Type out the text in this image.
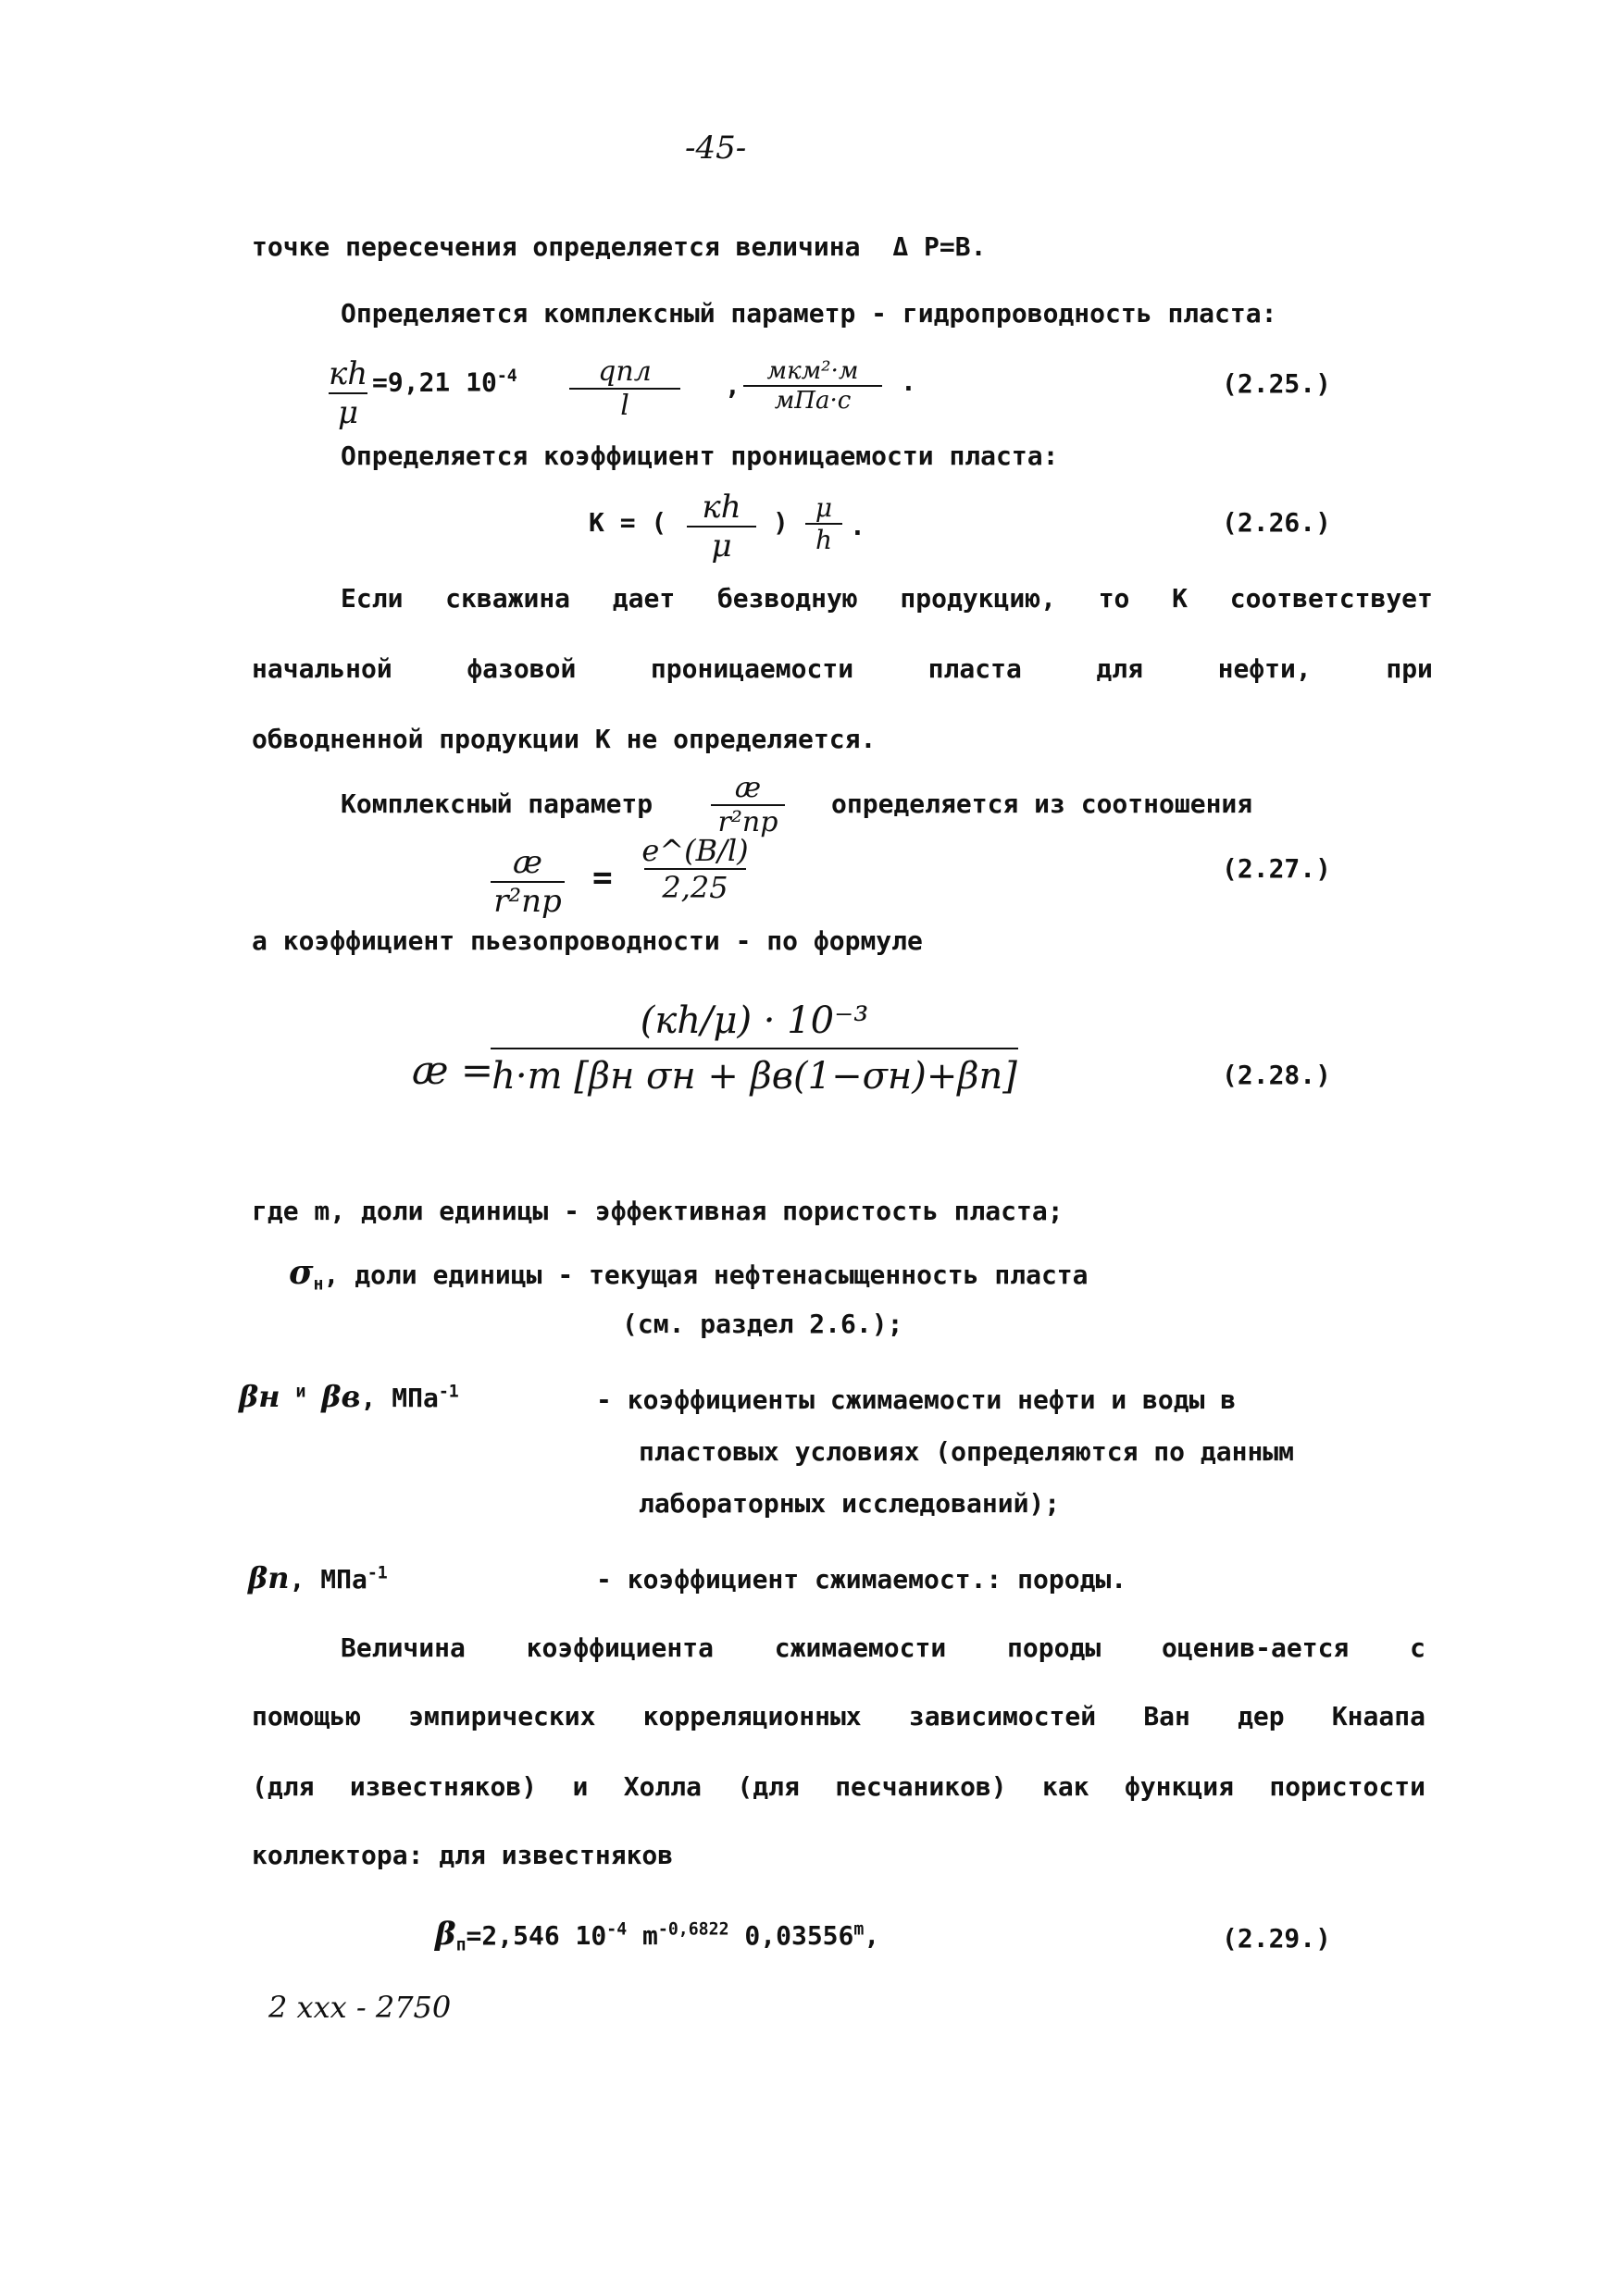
-45-
точке пересечения определяется величина Δ P=B.
Определяется комплексный параметр - гидропроводность пласта:
кh
μ
=9,21 $10^{-4}$	qпл
l
, мкм²·м
мПа·с
.	(2.25.)
Определяется коэффициент проницаемости пласта:
К = ( кh
μ
) μ
h .	(2.26.)
Если скважина дает безводную продукцию, то К соответствует
начальной	фазовой	проницаемости	пласта	для	нефти,	при
обводненной продукции К не определяется.
Комплексный параметр	æ
r²пр
определяется из соотношения
æ
r²пр
=
e^(B/l)
2,25
(2.27.)
а коэффициент пьезопроводности - по формуле
æ =
(кh/μ) · 10⁻³
h·m [βн σн + βв(1−σн)+βп]	(2.28.)
где m, доли единицы - эффективная пористость пласта;
$\sigma_н$, доли единицы - текущая нефтенасыщенность пласта
(см. раздел 2.6.);
βн $^и$ βв, МПа$^{-1}$	- коэффициенты сжимаемости нефти и воды в
пластовых условиях (определяются по данным
лабораторных исследований);
βп, МПа$^{-1}$	- коэффициент сжимаемост.: породы.
Величина коэффициента сжимаемости породы оценив-ается с
помощью эмпирических корреляционных зависимостей Ван дер Кнаапа
(для известняков) и Холла (для песчаников) как функция пористости
коллектора: для известняков
$\beta_п=2,546$ $10^{-4}$ $m^{-0,6822}$ 0,03556$^m$,	(2.29.)
2 ххх - 2750
